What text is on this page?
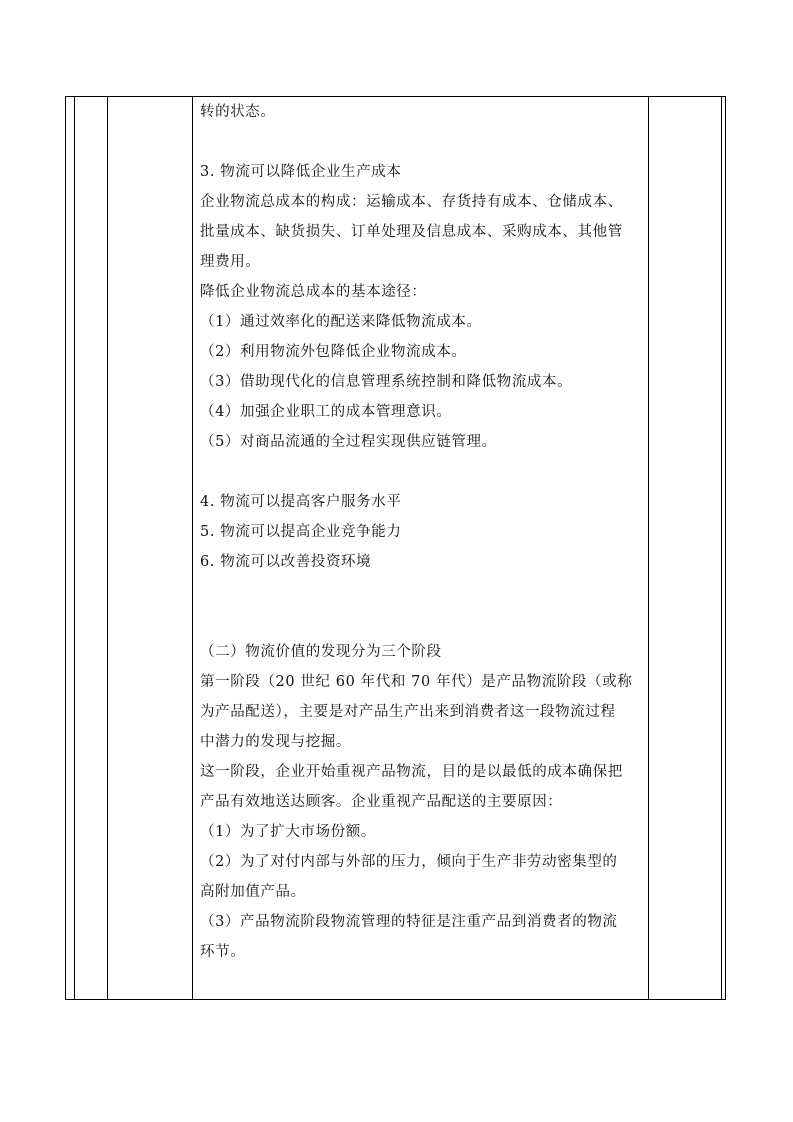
转的状态。
3. 物流可以降低企业生产成本
企业物流总成本的构成：运输成本、存货持有成本、仓储成本、
批量成本、缺货损失、订单处理及信息成本、采购成本、其他管
理费用。
降低企业物流总成本的基本途径：
（1）通过效率化的配送来降低物流成本。
（2）利用物流外包降低企业物流成本。
（3）借助现代化的信息管理系统控制和降低物流成本。
（4）加强企业职工的成本管理意识。
（5）对商品流通的全过程实现供应链管理。
4. 物流可以提高客户服务水平
5. 物流可以提高企业竞争能力
6. 物流可以改善投资环境
（二）物流价值的发现分为三个阶段
第一阶段（20 世纪 60 年代和 70 年代）是产品物流阶段（或称
为产品配送），主要是对产品生产出来到消费者这一段物流过程
中潜力的发现与挖掘。
这一阶段，企业开始重视产品物流，目的是以最低的成本确保把
产品有效地送达顾客。企业重视产品配送的主要原因：
（1）为了扩大市场份额。
（2）为了对付内部与外部的压力，倾向于生产非劳动密集型的
高附加值产品。
（3）产品物流阶段物流管理的特征是注重产品到消费者的物流
环节。
